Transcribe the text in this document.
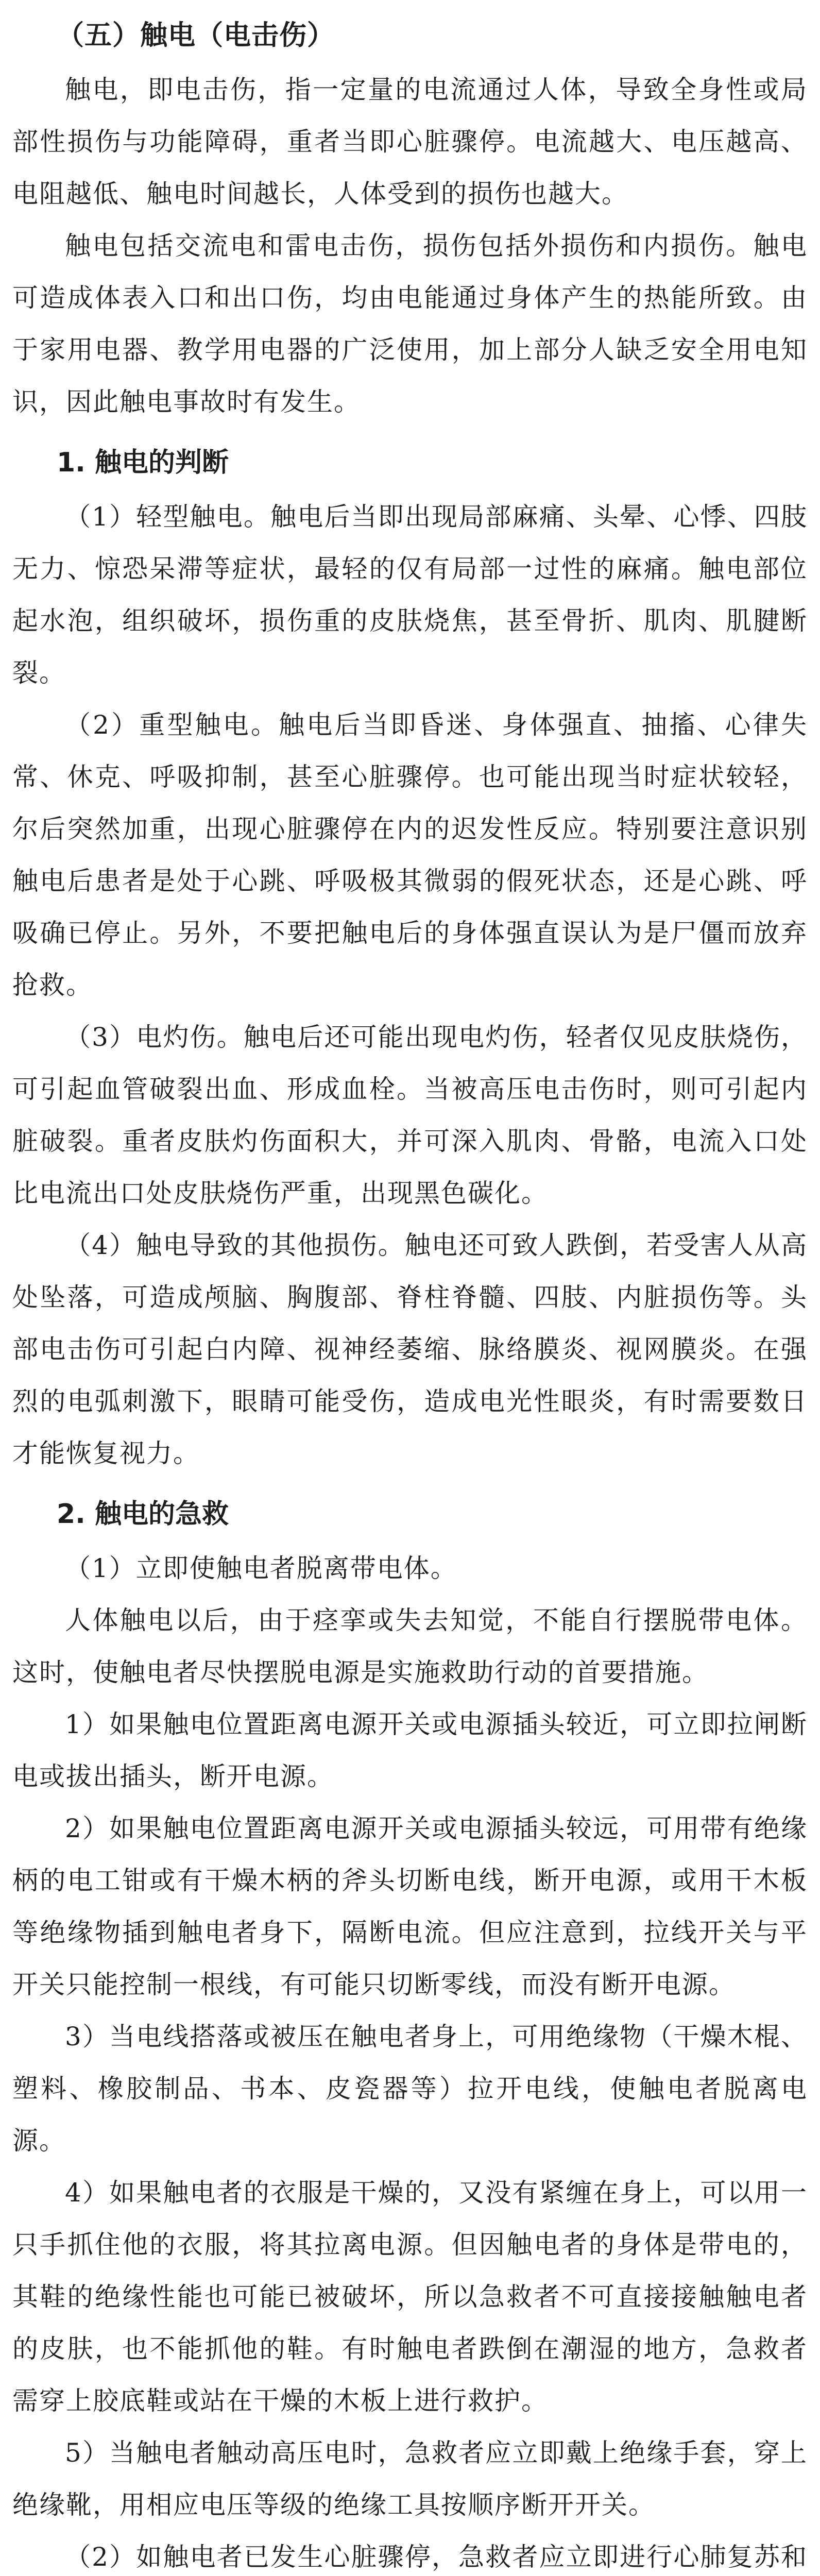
（五）触电（电击伤）

触电，即电击伤，指一定量的电流通过人体，导致全身性或局部性损伤与功能障碍，重者当即心脏骤停。电流越大、电压越高、电阻越低、触电时间越长，人体受到的损伤也越大。

触电包括交流电和雷电击伤，损伤包括外损伤和内损伤。触电可造成体表入口和出口伤，均由电能通过身体产生的热能所致。由于家用电器、教学用电器的广泛使用，加上部分人缺乏安全用电知识，因此触电事故时有发生。

1. 触电的判断

（1）轻型触电。触电后当即出现局部麻痛、头晕、心悸、四肢无力、惊恐呆滞等症状，最轻的仅有局部一过性的麻痛。触电部位起水泡，组织破坏，损伤重的皮肤烧焦，甚至骨折、肌肉、肌腱断裂。

（2）重型触电。触电后当即昏迷、身体强直、抽搐、心律失常、休克、呼吸抑制，甚至心脏骤停。也可能出现当时症状较轻，尔后突然加重，出现心脏骤停在内的迟发性反应。特别要注意识别触电后患者是处于心跳、呼吸极其微弱的假死状态，还是心跳、呼吸确已停止。另外，不要把触电后的身体强直误认为是尸僵而放弃抢救。

（3）电灼伤。触电后还可能出现电灼伤，轻者仅见皮肤烧伤，可引起血管破裂出血、形成血栓。当被高压电击伤时，则可引起内脏破裂。重者皮肤灼伤面积大，并可深入肌肉、骨骼，电流入口处比电流出口处皮肤烧伤严重，出现黑色碳化。

（4）触电导致的其他损伤。触电还可致人跌倒，若受害人从高处坠落，可造成颅脑、胸腹部、脊柱脊髓、四肢、内脏损伤等。头部电击伤可引起白内障、视神经萎缩、脉络膜炎、视网膜炎。在强烈的电弧刺激下，眼睛可能受伤，造成电光性眼炎，有时需要数日才能恢复视力。

2. 触电的急救

（1）立即使触电者脱离带电体。

人体触电以后，由于痉挛或失去知觉，不能自行摆脱带电体。这时，使触电者尽快摆脱电源是实施救助行动的首要措施。

1）如果触电位置距离电源开关或电源插头较近，可立即拉闸断电或拔出插头，断开电源。

2）如果触电位置距离电源开关或电源插头较远，可用带有绝缘柄的电工钳或有干燥木柄的斧头切断电线，断开电源，或用干木板等绝缘物插到触电者身下，隔断电流。但应注意到，拉线开关与平开关只能控制一根线，有可能只切断零线，而没有断开电源。

3）当电线搭落或被压在触电者身上，可用绝缘物（干燥木棍、塑料、橡胶制品、书本、皮瓷器等）拉开电线，使触电者脱离电源。

4）如果触电者的衣服是干燥的，又没有紧缠在身上，可以用一只手抓住他的衣服，将其拉离电源。但因触电者的身体是带电的，其鞋的绝缘性能也可能已被破坏，所以急救者不可直接接触触电者的皮肤，也不能抓他的鞋。有时触电者跌倒在潮湿的地方，急救者需穿上胶底鞋或站在干燥的木板上进行救护。

5）当触电者触动高压电时，急救者应立即戴上绝缘手套，穿上绝缘靴，用相应电压等级的绝缘工具按顺序断开开关。

（2）如触电者已发生心脏骤停，急救者应立即进行心肺复苏和
